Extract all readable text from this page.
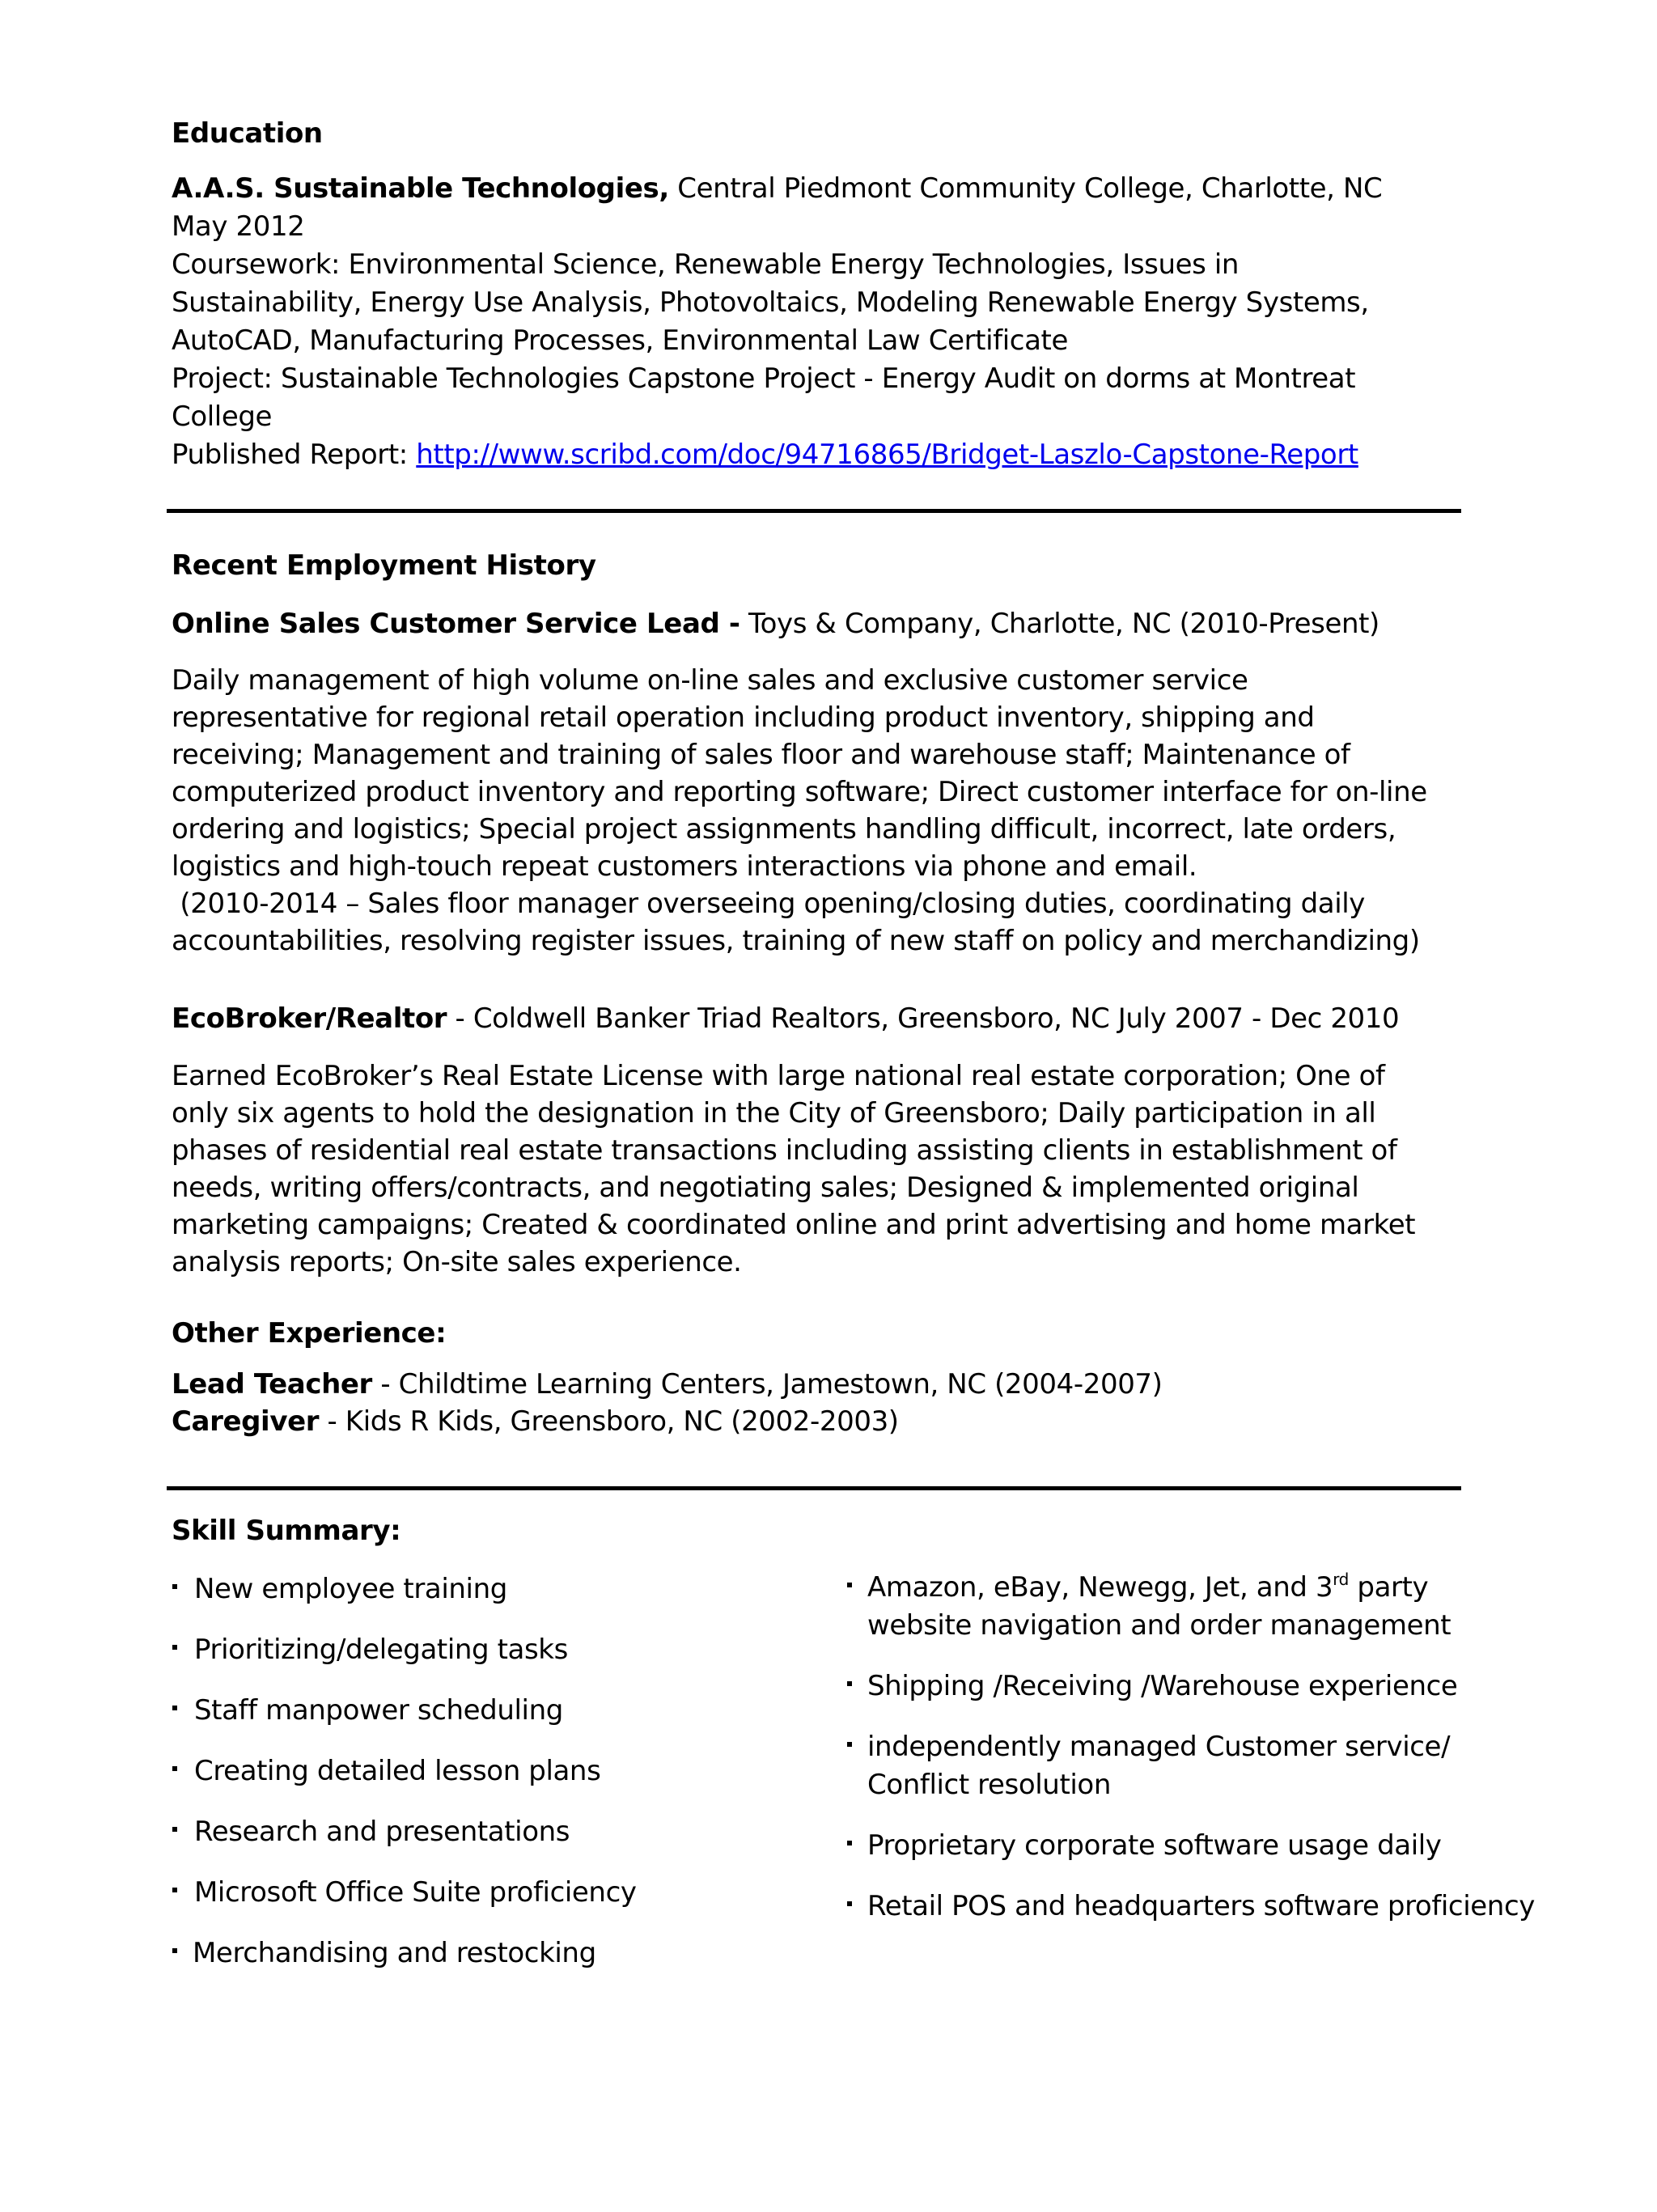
Education
A.A.S. Sustainable Technologies, Central Piedmont Community College, Charlotte, NC
May 2012
Coursework: Environmental Science, Renewable Energy Technologies, Issues in
Sustainability, Energy Use Analysis, Photovoltaics, Modeling Renewable Energy Systems,
AutoCAD, Manufacturing Processes, Environmental Law Certificate
Project: Sustainable Technologies Capstone Project - Energy Audit on dorms at Montreat
College
Published Report: http://www.scribd.com/doc/94716865/Bridget-Laszlo-Capstone-Report
Recent Employment History
Online Sales Customer Service Lead - Toys & Company, Charlotte, NC (2010-Present)
Daily management of high volume on-line sales and exclusive customer service
representative for regional retail operation including product inventory, shipping and
receiving; Management and training of sales floor and warehouse staff; Maintenance of
computerized product inventory and reporting software; Direct customer interface for on-line
ordering and logistics; Special project assignments handling difficult, incorrect, late orders,
logistics and high-touch repeat customers interactions via phone and email.
(2010-2014 – Sales floor manager overseeing opening/closing duties, coordinating daily
accountabilities, resolving register issues, training of new staff on policy and merchandizing)
EcoBroker/Realtor - Coldwell Banker Triad Realtors, Greensboro, NC July 2007 - Dec 2010
Earned EcoBroker’s Real Estate License with large national real estate corporation; One of
only six agents to hold the designation in the City of Greensboro; Daily participation in all
phases of residential real estate transactions including assisting clients in establishment of
needs, writing offers/contracts, and negotiating sales; Designed & implemented original
marketing campaigns; Created & coordinated online and print advertising and home market
analysis reports; On-site sales experience.
Other Experience:
Lead Teacher - Childtime Learning Centers, Jamestown, NC (2004-2007)
Caregiver - Kids R Kids, Greensboro, NC (2002-2003)
Skill Summary:
New employee training
Prioritizing/delegating tasks
Staff manpower scheduling
Creating detailed lesson plans
Research and presentations
Microsoft Office Suite proficiency
Merchandising and restocking
Amazon, eBay, Newegg, Jet, and 3rd party
website navigation and order management
Shipping /Receiving /Warehouse experience
independently managed Customer service/
Conflict resolution
Proprietary corporate software usage daily
Retail POS and headquarters software proficiency
